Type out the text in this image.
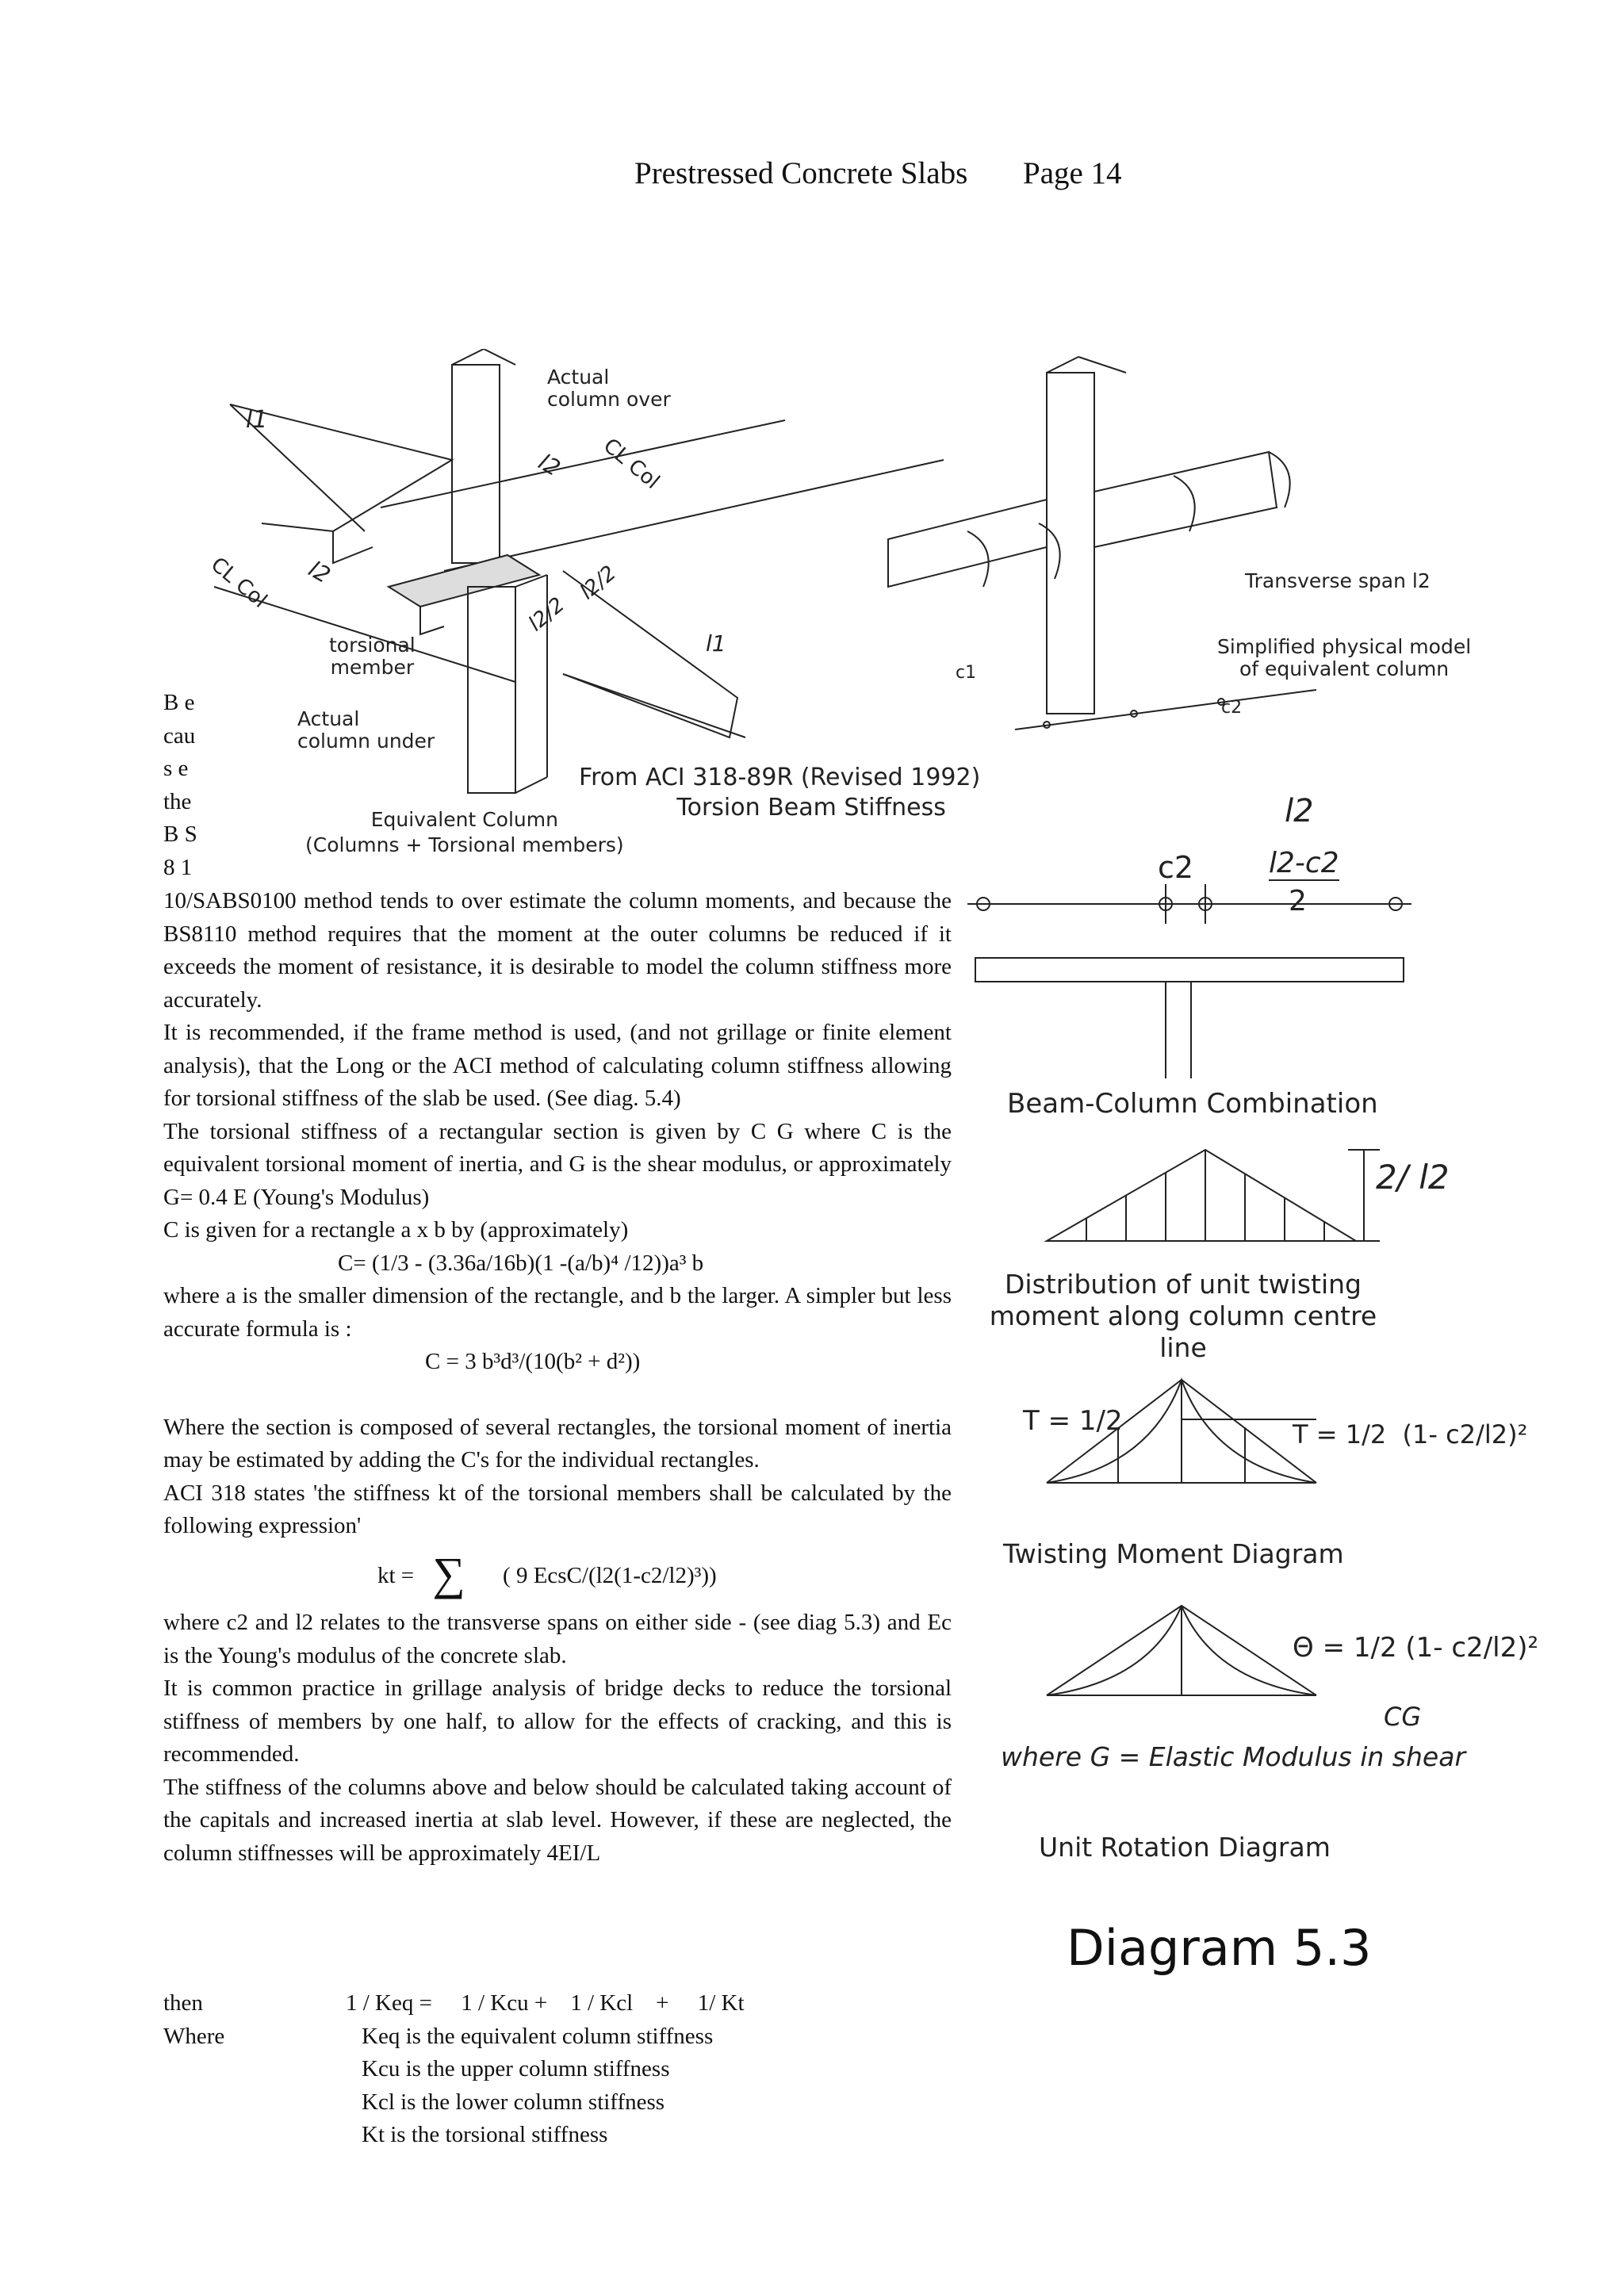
Prestressed Concrete Slabs Page 14
l1
Actual
column over
l2 CL Col
CL Col l2	l2/2
l2/2
l1
torsional
member
Actual
column under
Equivalent Column
(Columns + Torsional members)
From ACI 318-89R (Revised 1992)
Torsion Beam Stiffness
Transverse span l2
Simplified physical model
of equivalent column
c1
c2
B e
cau
s e
the
B S
8 1

10/SABS0100 method tends to over estimate the column moments, and because the BS8110 method requires that the moment at the outer columns be reduced if it exceeds the moment of resistance, it is desirable to model the column stiffness more accurately.

It is recommended, if the frame method is used, (and not grillage or finite element analysis), that the Long or the ACI method of calculating column stiffness allowing for torsional stiffness of the slab be used. (See diag. 5.4)

The torsional stiffness of a rectangular section is given by C G where C is the equivalent torsional moment of inertia, and G is the shear modulus, or approximately G= 0.4 E (Young's Modulus)

C is given for a rectangle a x b by (approximately)

C= (1/3 - (3.36a/16b)(1 -(a/b)⁴ /12))a³ b

where a is the smaller dimension of the rectangle, and b the larger. A simpler but less accurate formula is :

C = 3 b³d³/(10(b² + d²))

Where the section is composed of several rectangles, the torsional moment of inertia may be estimated by adding the C's for the individual rectangles.

ACI 318 states 'the stiffness kt of the torsional members shall be calculated by the following expression'

kt = ∑ ( 9 EcsC/(l2(1-c2/l2)³))

where c2 and l2 relates to the transverse spans on either side - (see diag 5.3) and Ec is the Young's modulus of the concrete slab.

It is common practice in grillage analysis of bridge decks to reduce the torsional stiffness of members by one half, to allow for the effects of cracking, and this is recommended.

The stiffness of the columns above and below should be calculated taking account of the capitals and increased inertia at slab level. However, if these are neglected, the column stiffnesses will be approximately 4EI/L

then	1 / Keq =     1 / Kcu +    1 / Kcl    +     1/ Kt
Where	Keq is the equivalent column stiffness
Kcu is the upper column stiffness
Kcl is the lower column stiffness
Kt is the torsional stiffness
l2
c2	l2-c2
2
Beam-Column Combination
2/ l2
Distribution of unit twisting
moment along column centre line
T = 1/2	T = 1/2  (1- c2/l2)²
Twisting Moment Diagram
Θ = 1/2 (1- c2/l2)²
CG
where G = Elastic Modulus in shear
Unit Rotation Diagram
Diagram 5.3
